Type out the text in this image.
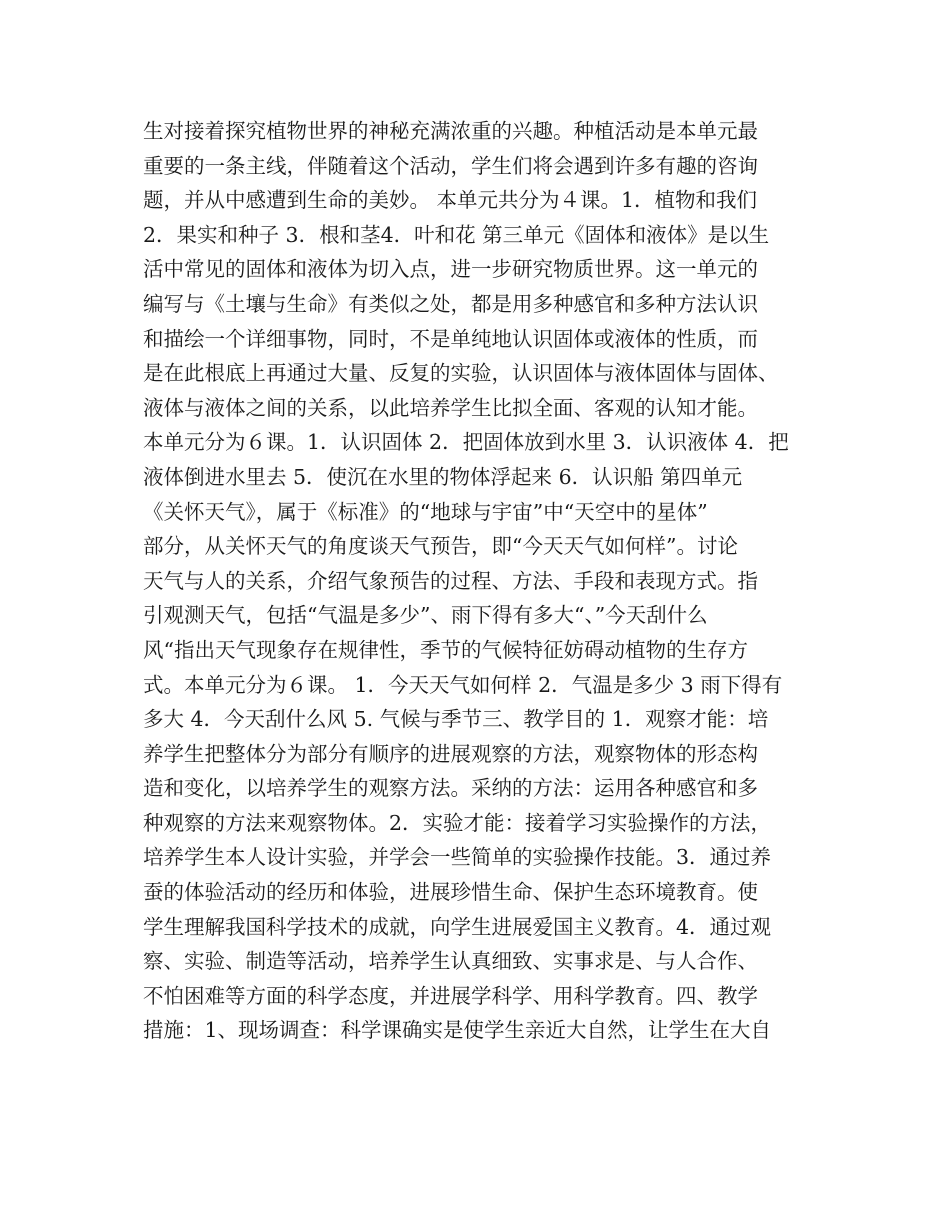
生对接着探究植物世界的神秘充满浓重的兴趣。种植活动是本单元最
重要的一条主线，伴随着这个活动，学生们将会遇到许多有趣的咨询
题，并从中感遭到生命的美妙。 本单元共分为４课。1．植物和我们
2．果实和种子 3．根和茎4．叶和花 第三单元《固体和液体》是以生
活中常见的固体和液体为切入点，进一步研究物质世界。这一单元的
编写与《土壤与生命》有类似之处，都是用多种感官和多种方法认识
和描绘一个详细事物，同时，不是单纯地认识固体或液体的性质，而
是在此根底上再通过大量、反复的实验，认识固体与液体固体与固体、
液体与液体之间的关系，以此培养学生比拟全面、客观的认知才能。
本单元分为６课。1．认识固体 2．把固体放到水里 3．认识液体 4．把
液体倒进水里去 5．使沉在水里的物体浮起来 6．认识船 第四单元
《关怀天气》，属于《标准》的“地球与宇宙”中“天空中的星体”
部分，从关怀天气的角度谈天气预告，即“今天天气如何样”。讨论
天气与人的关系，介绍气象预告的过程、方法、手段和表现方式。指
引观测天气，包括“气温是多少”、雨下得有多大“、”今天刮什么
风“指出天气现象存在规律性，季节的气候特征妨碍动植物的生存方
式。本单元分为６课。 1．今天天气如何样 2．气温是多少 3 雨下得有
多大 4．今天刮什么风 5. 气候与季节三、教学目的 1．观察才能：培
养学生把整体分为部分有顺序的进展观察的方法，观察物体的形态构
造和变化，以培养学生的观察方法。采纳的方法：运用各种感官和多
种观察的方法来观察物体。2．实验才能：接着学习实验操作的方法，
培养学生本人设计实验，并学会一些简单的实验操作技能。3．通过养
蚕的体验活动的经历和体验，进展珍惜生命、保护生态环境教育。使
学生理解我国科学技术的成就，向学生进展爱国主义教育。4．通过观
察、实验、制造等活动，培养学生认真细致、实事求是、与人合作、
不怕困难等方面的科学态度，并进展学科学、用科学教育。四、教学
措施：1、现场调查：科学课确实是使学生亲近大自然，让学生在大自
